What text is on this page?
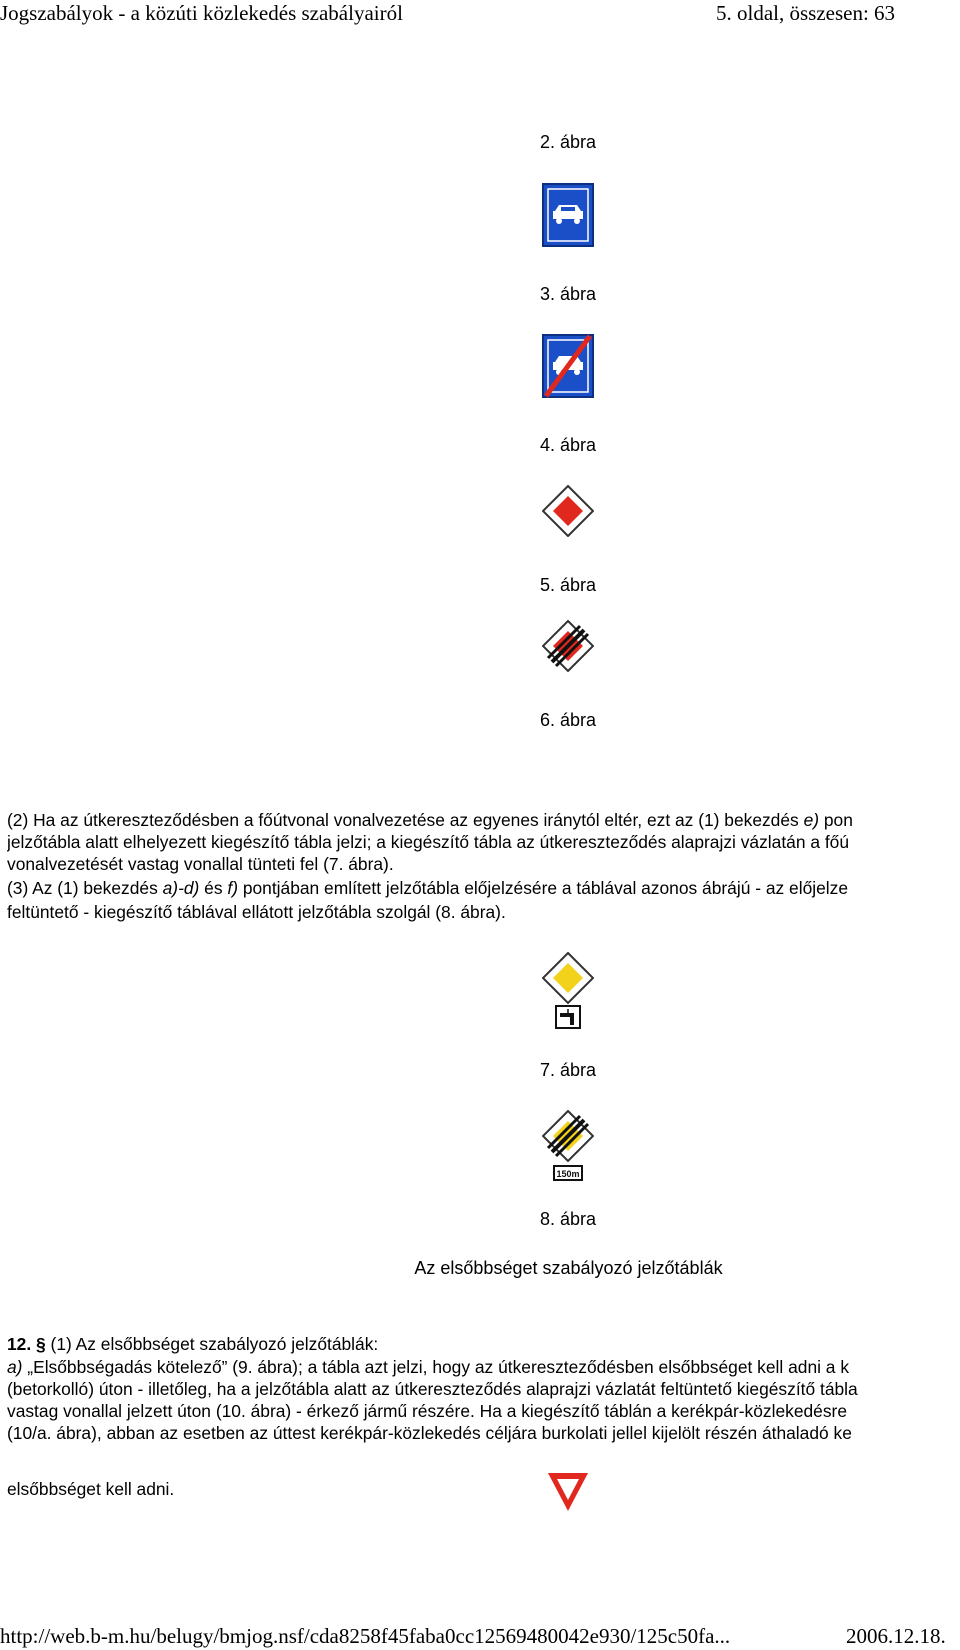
Jogszabályok - a közúti közlekedés szabályairól	5. oldal, összesen: 63
2. ábra
3. ábra
4. ábra
5. ábra
6. ábra
(2) Ha az útkereszteződésben a főútvonal vonalvezetése az egyenes iránytól eltér, ezt az (1) bekezdés e) pon
jelzőtábla alatt elhelyezett kiegészítő tábla jelzi; a kiegészítő tábla az útkereszteződés alaprajzi vázlatán a főú
vonalvezetését vastag vonallal tünteti fel (7. ábra).
(3) Az (1) bekezdés a)-d) és f) pontjában említett jelzőtábla előjelzésére a táblával azonos ábrájú - az előjelze
feltüntető - kiegészítő táblával ellátott jelzőtábla szolgál (8. ábra).
7. ábra
150m
8. ábra
Az elsőbbséget szabályozó jelzőtáblák
12. § (1) Az elsőbbséget szabályozó jelzőtáblák:
a) „Elsőbbségadás kötelező” (9. ábra); a tábla azt jelzi, hogy az útkereszteződésben elsőbbséget kell adni a k
(betorkolló) úton - illetőleg, ha a jelzőtábla alatt az útkereszteződés alaprajzi vázlatát feltüntető kiegészítő tábla
vastag vonallal jelzett úton (10. ábra) - érkező jármű részére. Ha a kiegészítő táblán a kerékpár-közlekedésre
(10/a. ábra), abban az esetben az úttest kerékpár-közlekedés céljára burkolati jellel kijelölt részén áthaladó ke
elsőbbséget kell adni.
http://web.b-m.hu/belugy/bmjog.nsf/cda8258f45faba0cc12569480042e930/125c50fa...	2006.12.18.
